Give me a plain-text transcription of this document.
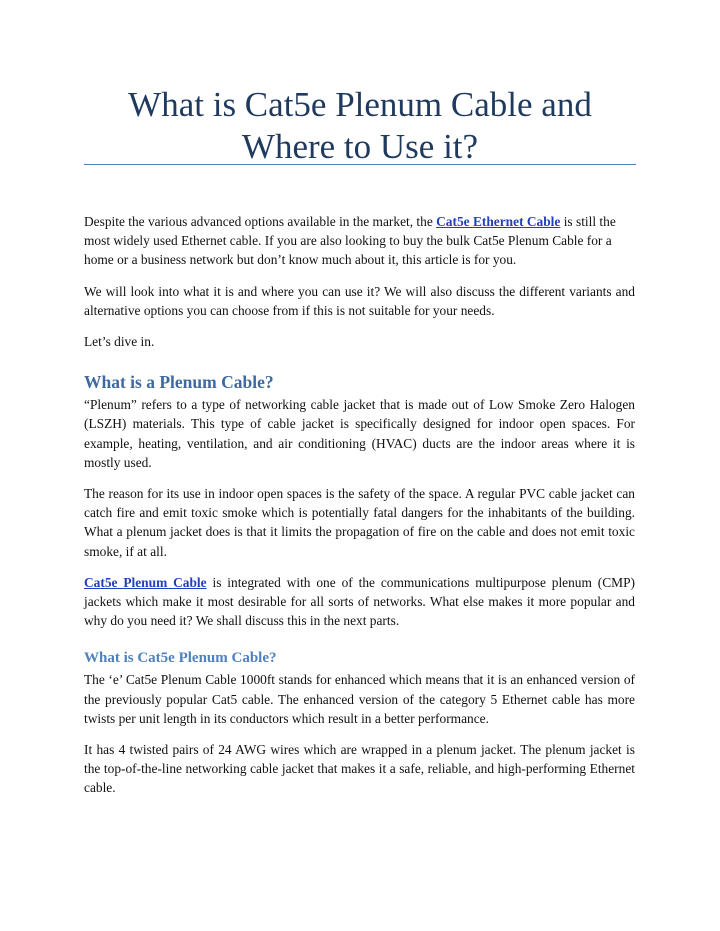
What is Cat5e Plenum Cable and Where to Use it?

Despite the various advanced options available in the market, the Cat5e Ethernet Cable is still the most widely used Ethernet cable. If you are also looking to buy the bulk Cat5e Plenum Cable for a home or a business network but don’t know much about it, this article is for you.

We will look into what it is and where you can use it? We will also discuss the different variants and alternative options you can choose from if this is not suitable for your needs.

Let’s dive in.

What is a Plenum Cable?

“Plenum” refers to a type of networking cable jacket that is made out of Low Smoke Zero Halogen (LSZH) materials. This type of cable jacket is specifically designed for indoor open spaces. For example, heating, ventilation, and air conditioning (HVAC) ducts are the indoor areas where it is mostly used.

The reason for its use in indoor open spaces is the safety of the space. A regular PVC cable jacket can catch fire and emit toxic smoke which is potentially fatal dangers for the inhabitants of the building. What a plenum jacket does is that it limits the propagation of fire on the cable and does not emit toxic smoke, if at all.

Cat5e Plenum Cable is integrated with one of the communications multipurpose plenum (CMP) jackets which make it most desirable for all sorts of networks. What else makes it more popular and why do you need it? We shall discuss this in the next parts.

What is Cat5e Plenum Cable?

The ‘e’ Cat5e Plenum Cable 1000ft stands for enhanced which means that it is an enhanced version of the previously popular Cat5 cable. The enhanced version of the category 5 Ethernet cable has more twists per unit length in its conductors which result in a better performance.

It has 4 twisted pairs of 24 AWG wires which are wrapped in a plenum jacket. The plenum jacket is the top-of-the-line networking cable jacket that makes it a safe, reliable, and high-performing Ethernet cable.
